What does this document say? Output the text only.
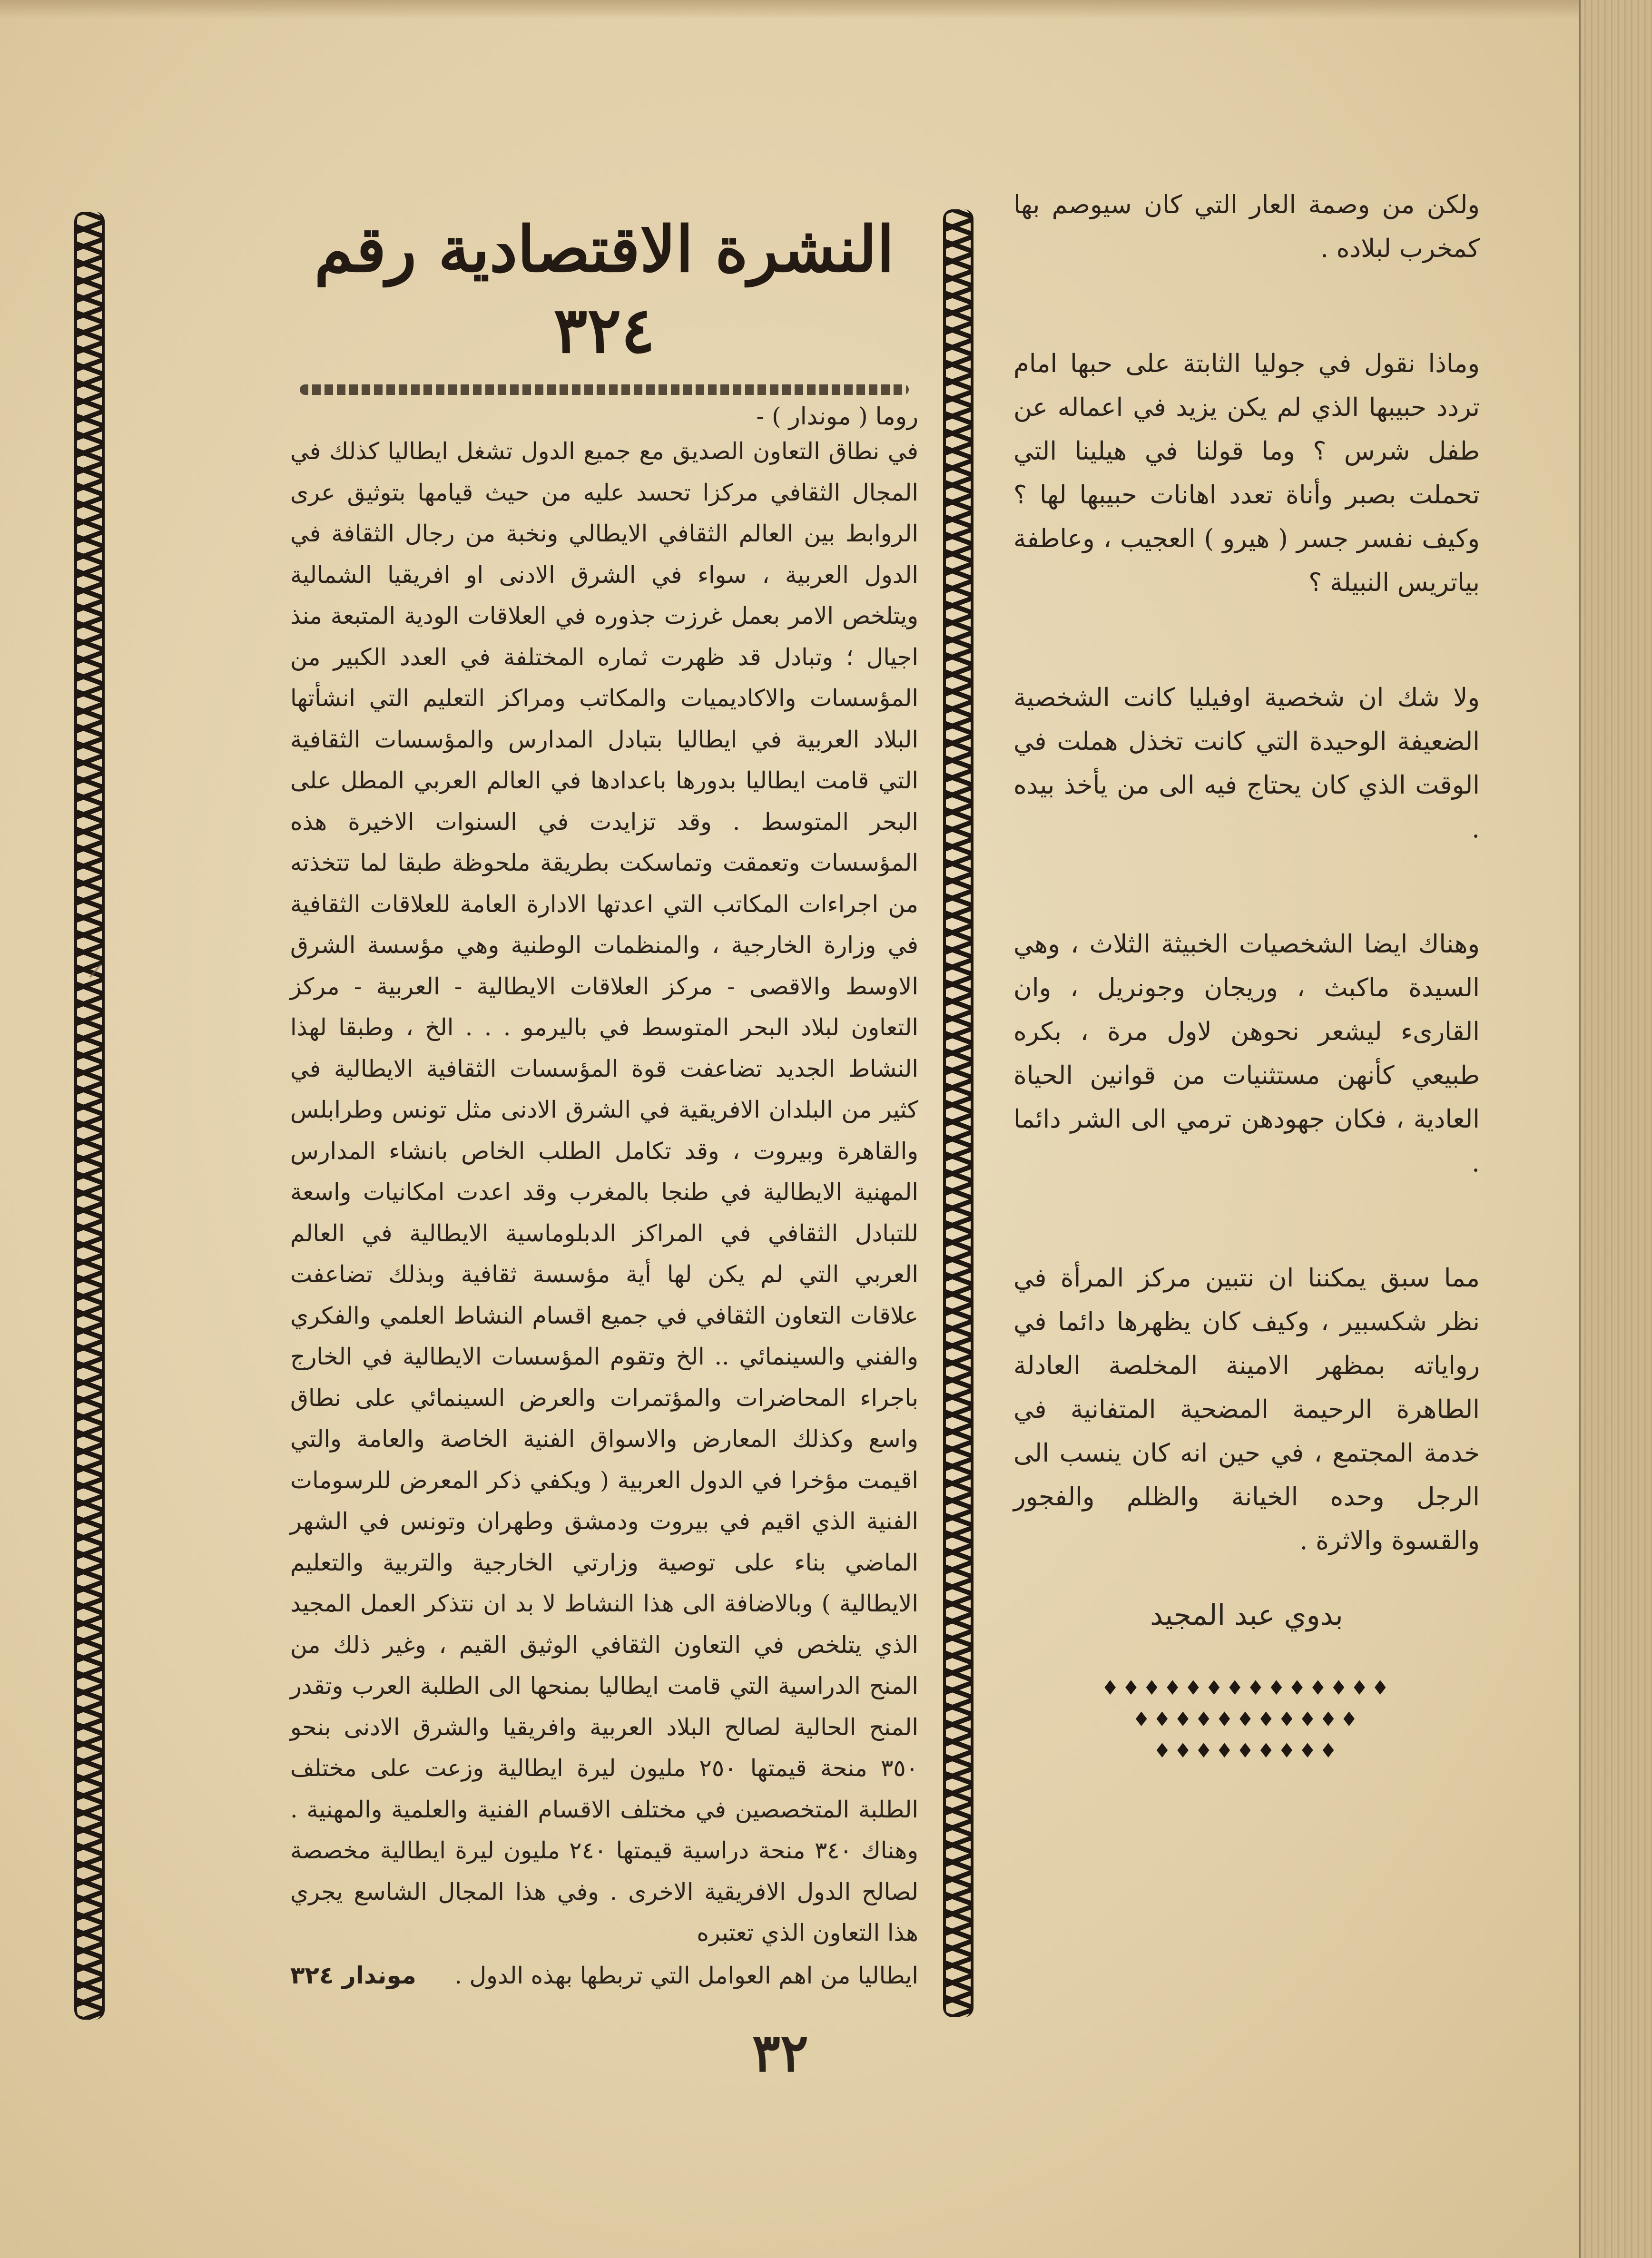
النشرة الاقتصادية رقم ٣٢٤

روما ( موندار ) -

في نطاق التعاون الصديق مع جميع الدول تشغل ايطاليا كذلك في المجال الثقافي مركزا تحسد عليه من حيث قيامها بتوثيق عرى الروابط بين العالم الثقافي الايطالي ونخبة من رجال الثقافة في الدول العربية ، سواء في الشرق الادنى او افريقيا الشمالية ويتلخص الامر بعمل غرزت جذوره في العلاقات الودية المتبعة منذ اجيال ؛ وتبادل قد ظهرت ثماره المختلفة في العدد الكبير من المؤسسات والاكاديميات والمكاتب ومراكز التعليم التي انشأتها البلاد العربية في ايطاليا بتبادل المدارس والمؤسسات الثقافية التي قامت ايطاليا بدورها باعدادها في العالم العربي المطل على البحر المتوسط . وقد تزايدت في السنوات الاخيرة هذه المؤسسات وتعمقت وتماسكت بطريقة ملحوظة طبقا لما تتخذته من اجراءات المكاتب التي اعدتها الادارة العامة للعلاقات الثقافية في وزارة الخارجية ، والمنظمات الوطنية وهي مؤسسة الشرق الاوسط والاقصى - مركز العلاقات الايطالية - العربية - مركز التعاون لبلاد البحر المتوسط في باليرمو . . . الخ ، وطبقا لهذا النشاط الجديد تضاعفت قوة المؤسسات الثقافية الايطالية في كثير من البلدان الافريقية في الشرق الادنى مثل تونس وطرابلس والقاهرة وبيروت ، وقد تكامل الطلب الخاص بانشاء المدارس المهنية الايطالية في طنجا بالمغرب وقد اعدت امكانيات واسعة للتبادل الثقافي في المراكز الدبلوماسية الايطالية في العالم العربي التي لم يكن لها أية مؤسسة ثقافية وبذلك تضاعفت علاقات التعاون الثقافي في جميع اقسام النشاط العلمي والفكري والفني والسينمائي .. الخ وتقوم المؤسسات الايطالية في الخارج باجراء المحاضرات والمؤتمرات والعرض السينمائي على نطاق واسع وكذلك المعارض والاسواق الفنية الخاصة والعامة والتي اقيمت مؤخرا في الدول العربية ( ويكفي ذكر المعرض للرسومات الفنية الذي اقيم في بيروت ودمشق وطهران وتونس في الشهر الماضي بناء على توصية وزارتي الخارجية والتربية والتعليم الايطالية ) وبالاضافة الى هذا النشاط لا بد ان نتذكر العمل المجيد الذي يتلخص في التعاون الثقافي الوثيق القيم ، وغير ذلك من المنح الدراسية التي قامت ايطاليا بمنحها الى الطلبة العرب وتقدر المنح الحالية لصالح البلاد العربية وافريقيا والشرق الادنى بنحو ٣٥٠ منحة قيمتها ٢٥٠ مليون ليرة ايطالية وزعت على مختلف الطلبة المتخصصين في مختلف الاقسام الفنية والعلمية والمهنية . وهناك ٣٤٠ منحة دراسية قيمتها ٢٤٠ مليون ليرة ايطالية مخصصة لصالح الدول الافريقية الاخرى . وفي هذا المجال الشاسع يجري هذا التعاون الذي تعتبره

ايطاليا من اهم العوامل التي تربطها بهذه الدول .
موندار ٣٢٤

ولكن من وصمة العار التي كان سيوصم بها كمخرب لبلاده .

وماذا نقول في جوليا الثابتة على حبها امام تردد حبيبها الذي لم يكن يزيد في اعماله عن طفل شرس ؟ وما قولنا في هيلينا التي تحملت بصبر وأناة تعدد اهانات حبيبها لها ؟ وكيف نفسر جسر ( هيرو ) العجيب ، وعاطفة بياتريس النبيلة ؟

ولا شك ان شخصية اوفيليا كانت الشخصية الضعيفة الوحيدة التي كانت تخذل هملت في الوقت الذي كان يحتاج فيه الى من يأخذ بيده .

وهناك ايضا الشخصيات الخبيثة الثلاث ، وهي السيدة ماكبث ، وريجان وجونريل ، وان القارىء ليشعر نحوهن لاول مرة ، بكره طبيعي كأنهن مستثنيات من قوانين الحياة العادية ، فكان جهودهن ترمي الى الشر دائما .

مما سبق يمكننا ان نتبين مركز المرأة في نظر شكسبير ، وكيف كان يظهرها دائما في رواياته بمظهر الامينة المخلصة العادلة الطاهرة الرحيمة المضحية المتفانية في خدمة المجتمع ، في حين انه كان ينسب الى الرجل وحده الخيانة والظلم والفجور والقسوة والاثرة .

بدوي عبد المجيد
♦♦♦♦♦♦♦♦♦♦♦♦♦♦
♦♦♦♦♦♦♦♦♦♦♦
♦♦♦♦♦♦♦♦♦
٣٢
